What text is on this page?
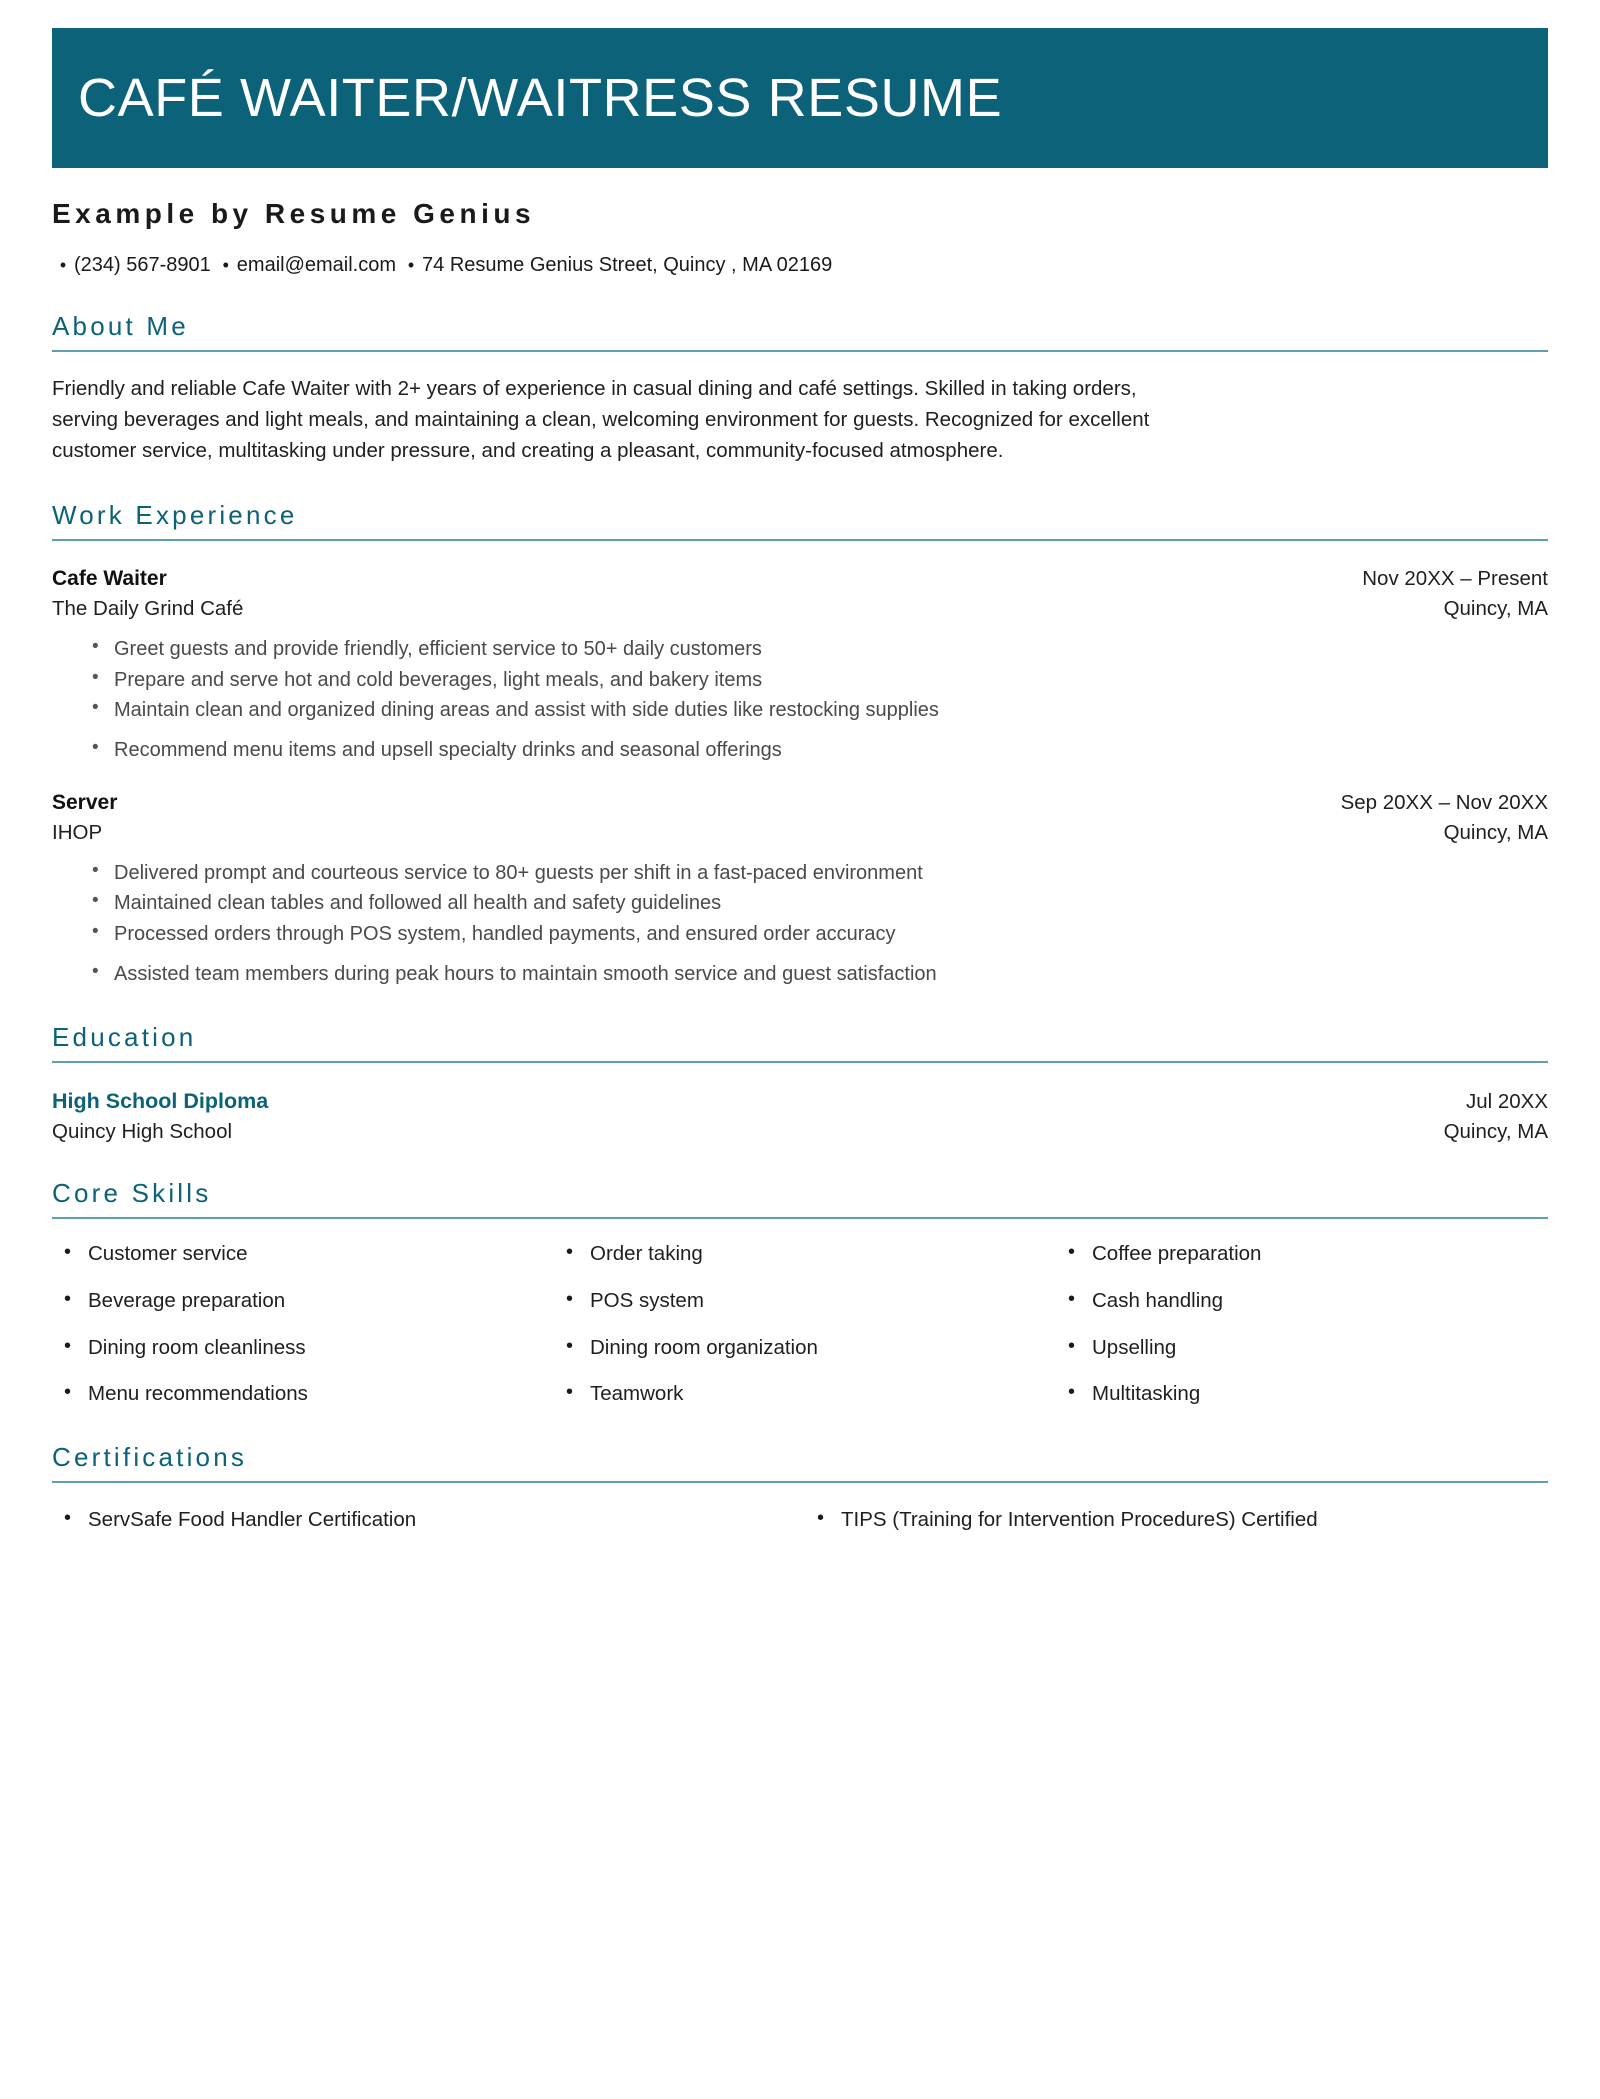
CAFÉ WAITER/WAITRESS RESUME
Example by Resume Genius
• (234) 567-8901 • email@email.com • 74 Resume Genius Street, Quincy , MA 02169
About Me

Friendly and reliable Cafe Waiter with 2+ years of experience in casual dining and café settings. Skilled in taking orders, serving beverages and light meals, and maintaining a clean, welcoming environment for guests. Recognized for excellent customer service, multitasking under pressure, and creating a pleasant, community-focused atmosphere.

Work Experience
Cafe Waiter	Nov 20XX – Present
The Daily Grind Café	Quincy, MA
• Greet guests and provide friendly, efficient service to 50+ daily customers
• Prepare and serve hot and cold beverages, light meals, and bakery items
• Maintain clean and organized dining areas and assist with side duties like restocking supplies
• Recommend menu items and upsell specialty drinks and seasonal offerings
Server	Sep 20XX – Nov 20XX
IHOP	Quincy, MA
• Delivered prompt and courteous service to 80+ guests per shift in a fast-paced environment
• Maintained clean tables and followed all health and safety guidelines
• Processed orders through POS system, handled payments, and ensured order accuracy
• Assisted team members during peak hours to maintain smooth service and guest satisfaction
Education
High School Diploma	Jul 20XX
Quincy High School	Quincy, MA
Core Skills
• Customer service	• Order taking	• Coffee preparation
• Beverage preparation	• POS system	• Cash handling
• Dining room cleanliness	• Dining room organization	• Upselling
• Menu recommendations	• Teamwork	• Multitasking
Certifications
• ServSafe Food Handler Certification	• TIPS (Training for Intervention ProcedureS) Certified
